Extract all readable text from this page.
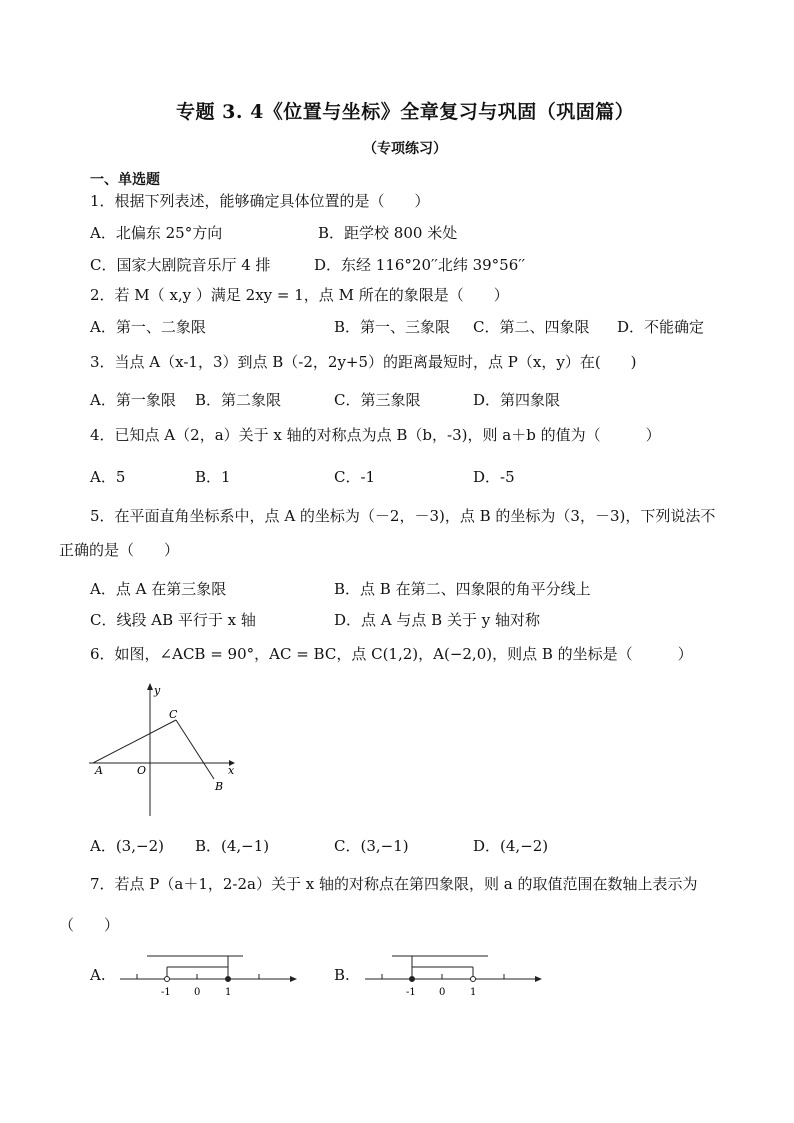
专题 3. 4《位置与坐标》全章复习与巩固（巩固篇）
（专项练习）
一、单选题
1．根据下列表述，能够确定具体位置的是（　　）
A．北偏东 25°方向	B．距学校 800 米处
C．国家大剧院音乐厅 4 排	D．东经 116°20′′北纬 39°56′′
2．若 M（ x,y ）满足 2xy = 1，点 M 所在的象限是（　　）
A．第一、二象限	B．第一、三象限 C．第二、四象限 D．不能确定
3．当点 A（x-1，3）到点 B（-2，2y+5）的距离最短时，点 P（x，y）在(　　)
A．第一象限 B．第二象限	C．第三象限	D．第四象限
4．已知点 A（2，a）关于 x 轴的对称点为点 B（b，-3)，则 a＋b 的值为（　　　）
A．5	B．1	C．-1	D．-5
5．在平面直角坐标系中，点 A 的坐标为（－2，－3)，点 B 的坐标为（3，－3)，下列说法不
正确的是（　　）
A．点 A 在第三象限	B．点 B 在第二、四象限的角平分线上
C．线段 AB 平行于 x 轴	D．点 A 与点 B 关于 y 轴对称
6．如图，∠ACB = 90°，AC = BC，点 C(1,2)，A(−2,0)，则点 B 的坐标是（　　　）
y
x
C
A	O
B
A．(3,−2) B．(4,−1)	C．(3,−1)	D．(4,−2)
7．若点 P（a＋1，2-2a）关于 x 轴的对称点在第四象限，则 a 的取值范围在数轴上表示为
（　　）
A.
-1 0 1
B.
-1 0 1
